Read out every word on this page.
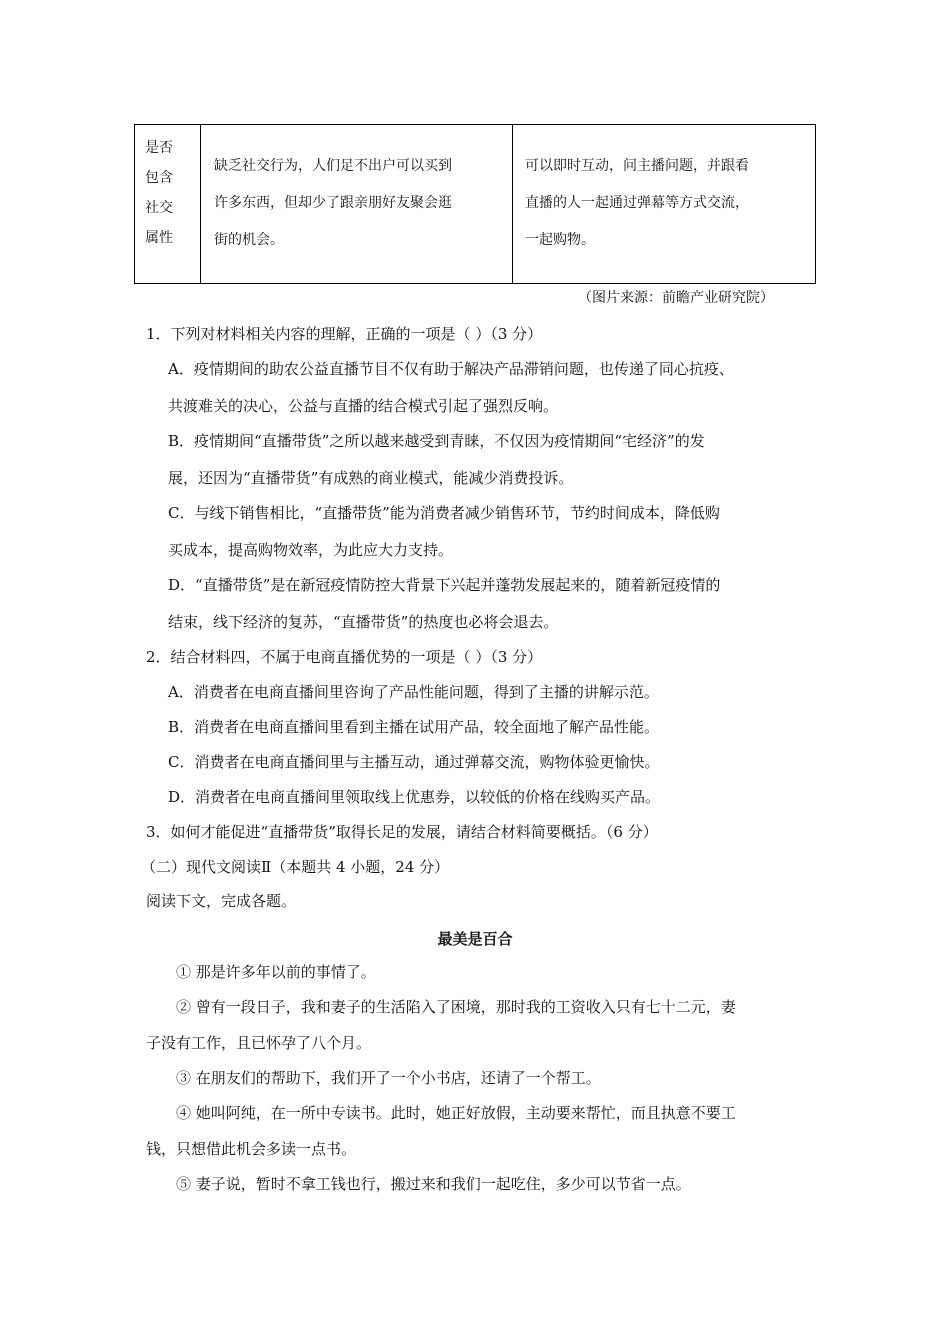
是否
包含
社交
属性
缺乏社交行为，人们足不出户可以买到
许多东西，但却少了跟亲朋好友聚会逛
街的机会。
可以即时互动，问主播问题，并跟看
直播的人一起通过弹幕等方式交流，
一起购物。
（图片来源：前瞻产业研究院）
1．下列对材料相关内容的理解，正确的一项是（ ）（3 分）
A．疫情期间的助农公益直播节目不仅有助于解决产品滞销问题，也传递了同心抗疫、
共渡难关的决心，公益与直播的结合模式引起了强烈反响。
B．疫情期间“直播带货”之所以越来越受到青睐，不仅因为疫情期间“宅经济”的发
展，还因为“直播带货”有成熟的商业模式，能减少消费投诉。
C．与线下销售相比，“直播带货”能为消费者减少销售环节，节约时间成本，降低购
买成本，提高购物效率，为此应大力支持。
D．“直播带货”是在新冠疫情防控大背景下兴起并蓬勃发展起来的，随着新冠疫情的
结束，线下经济的复苏，“直播带货”的热度也必将会退去。
2．结合材料四，不属于电商直播优势的一项是（ ）（3 分）
A．消费者在电商直播间里咨询了产品性能问题，得到了主播的讲解示范。
B．消费者在电商直播间里看到主播在试用产品，较全面地了解产品性能。
C．消费者在电商直播间里与主播互动，通过弹幕交流，购物体验更愉快。
D．消费者在电商直播间里领取线上优惠券，以较低的价格在线购买产品。
3．如何才能促进“直播带货”取得长足的发展，请结合材料简要概括。（6 分）
（二）现代文阅读Ⅱ（本题共 4 小题，24 分）
阅读下文，完成各题。
最美是百合
① 那是许多年以前的事情了。
② 曾有一段日子，我和妻子的生活陷入了困境，那时我的工资收入只有七十二元，妻
子没有工作，且已怀孕了八个月。
③ 在朋友们的帮助下，我们开了一个小书店，还请了一个帮工。
④ 她叫阿纯，在一所中专读书。此时，她正好放假，主动要来帮忙，而且执意不要工
钱，只想借此机会多读一点书。
⑤ 妻子说，暂时不拿工钱也行，搬过来和我们一起吃住，多少可以节省一点。
